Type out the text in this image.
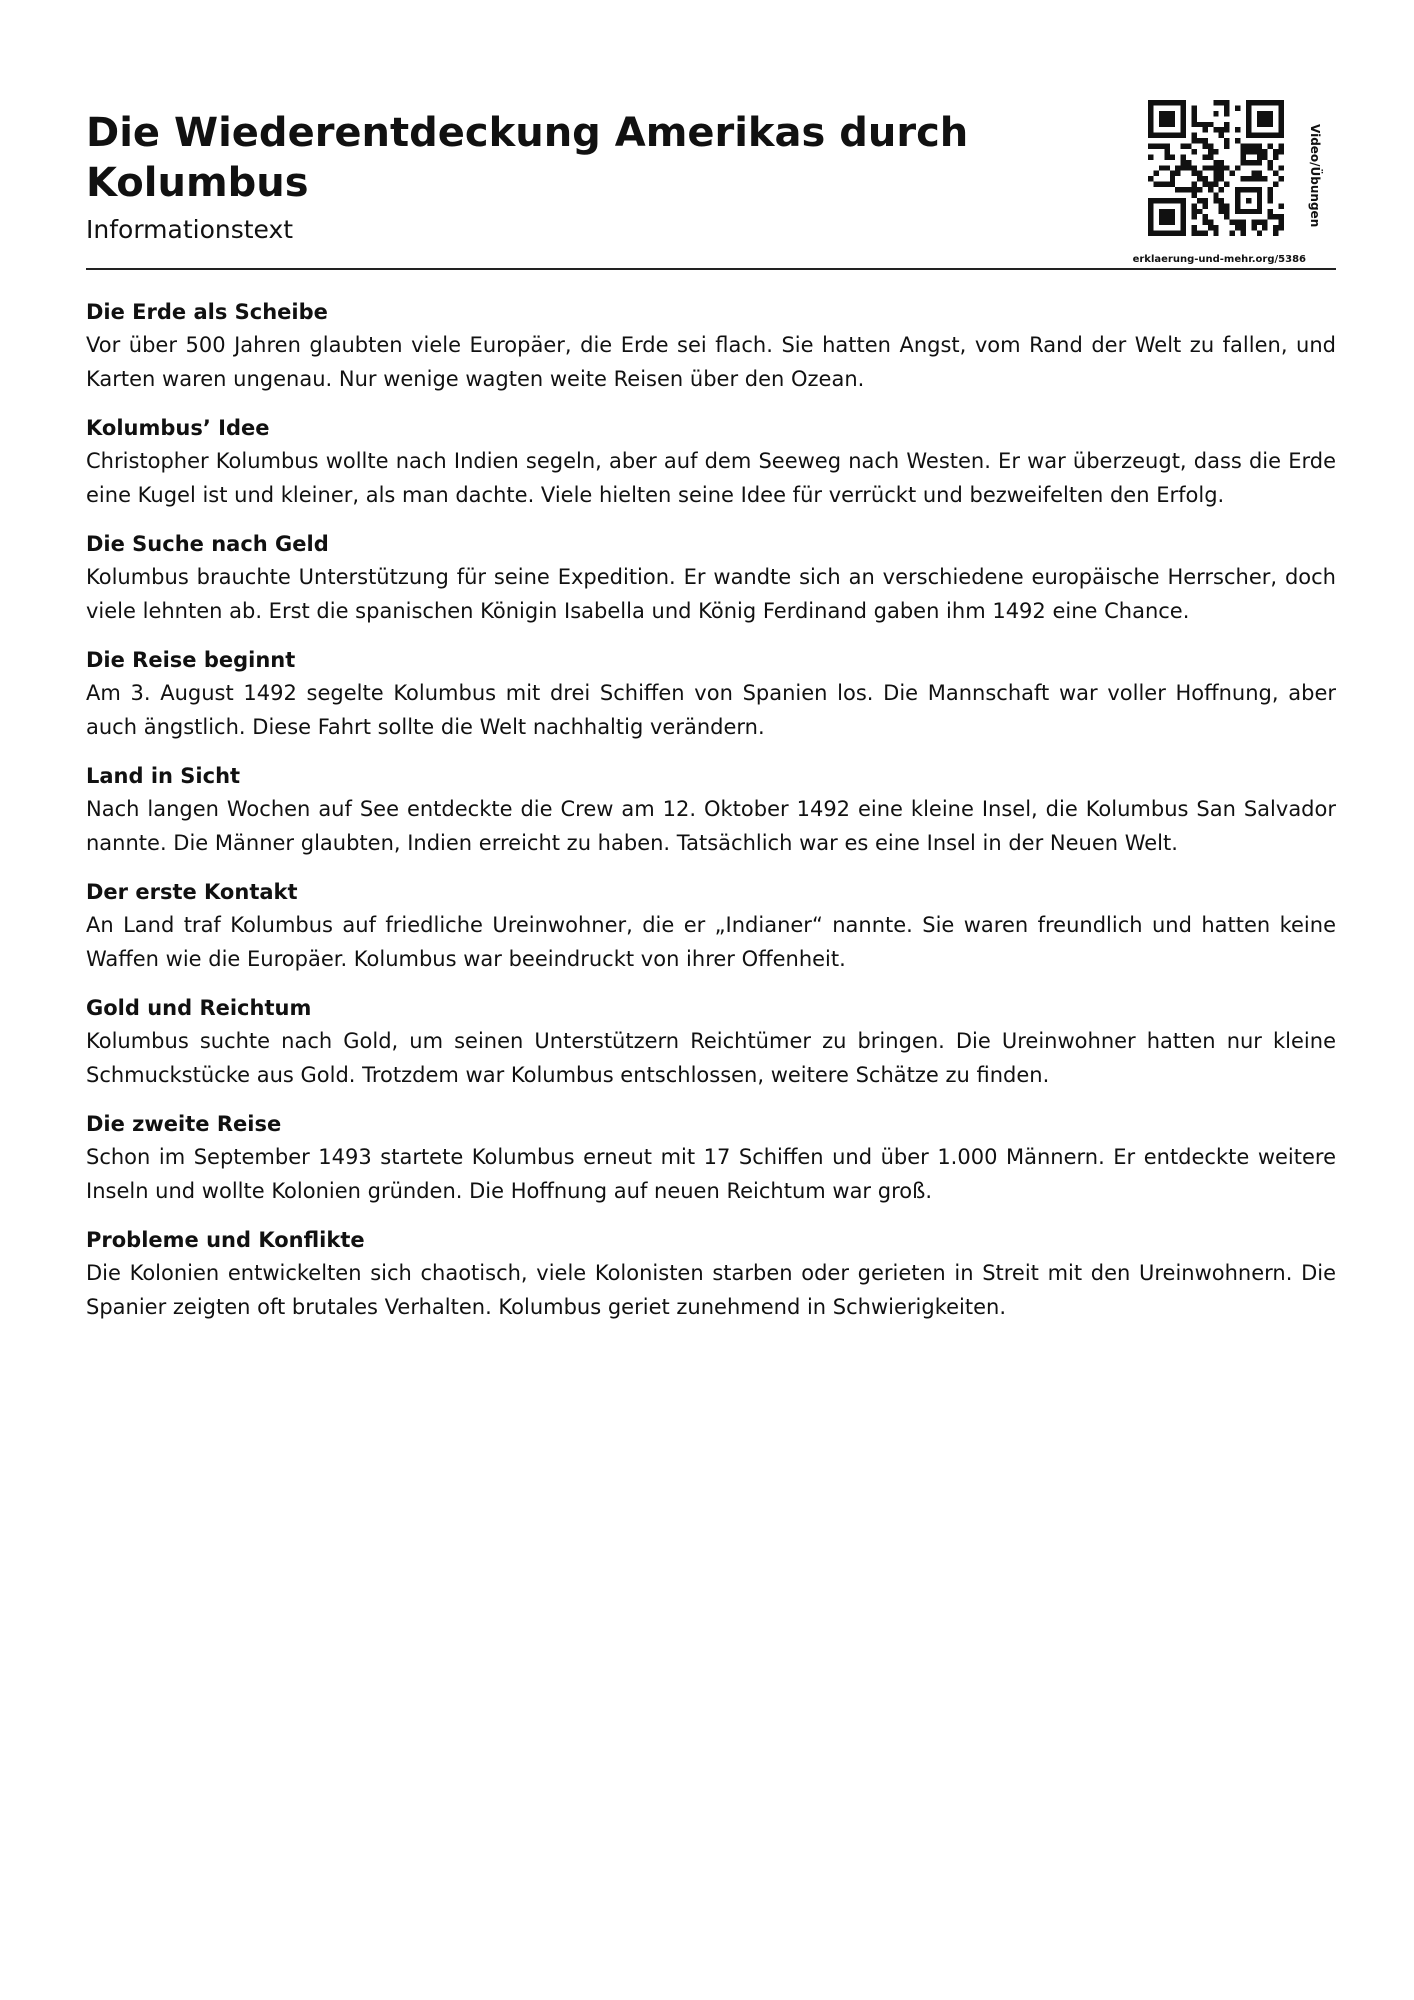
Die Wiederentdeckung Amerikas durch Kolumbus
Informationstext
Video/Übungen
erklaerung-und-mehr.org/5386
Die Erde als Scheibe

Vor über 500 Jahren glaubten viele Europäer, die Erde sei flach. Sie hatten Angst, vom Rand der Welt zu fallen, und Karten waren ungenau. Nur wenige wagten weite Reisen über den Ozean.

Kolumbus’ Idee

Christopher Kolumbus wollte nach Indien segeln, aber auf dem Seeweg nach Westen. Er war überzeugt, dass die Erde eine Kugel ist und kleiner, als man dachte. Viele hielten seine Idee für verrückt und bezweifelten den Erfolg.

Die Suche nach Geld

Kolumbus brauchte Unterstützung für seine Expedition. Er wandte sich an verschiedene europäische Herrscher, doch viele lehnten ab. Erst die spanischen Königin Isabella und König Ferdinand gaben ihm 1492 eine Chance.

Die Reise beginnt

Am 3. August 1492 segelte Kolumbus mit drei Schiffen von Spanien los. Die Mannschaft war voller Hoffnung, aber auch ängstlich. Diese Fahrt sollte die Welt nachhaltig verändern.

Land in Sicht

Nach langen Wochen auf See entdeckte die Crew am 12. Oktober 1492 eine kleine Insel, die Kolumbus San Salvador nannte. Die Männer glaubten, Indien erreicht zu haben. Tatsächlich war es eine Insel in der Neuen Welt.

Der erste Kontakt

An Land traf Kolumbus auf friedliche Ureinwohner, die er „Indianer“ nannte. Sie waren freundlich und hatten keine Waffen wie die Europäer. Kolumbus war beeindruckt von ihrer Offenheit.

Gold und Reichtum

Kolumbus suchte nach Gold, um seinen Unterstützern Reichtümer zu bringen. Die Ureinwohner hatten nur kleine Schmuckstücke aus Gold. Trotzdem war Kolumbus entschlossen, weitere Schätze zu finden.

Die zweite Reise

Schon im September 1493 startete Kolumbus erneut mit 17 Schiffen und über 1.000 Männern. Er entdeckte weitere Inseln und wollte Kolonien gründen. Die Hoffnung auf neuen Reichtum war groß.

Probleme und Konflikte

Die Kolonien entwickelten sich chaotisch, viele Kolonisten starben oder gerieten in Streit mit den Ureinwohnern. Die Spanier zeigten oft brutales Verhalten. Kolumbus geriet zunehmend in Schwierigkeiten.
